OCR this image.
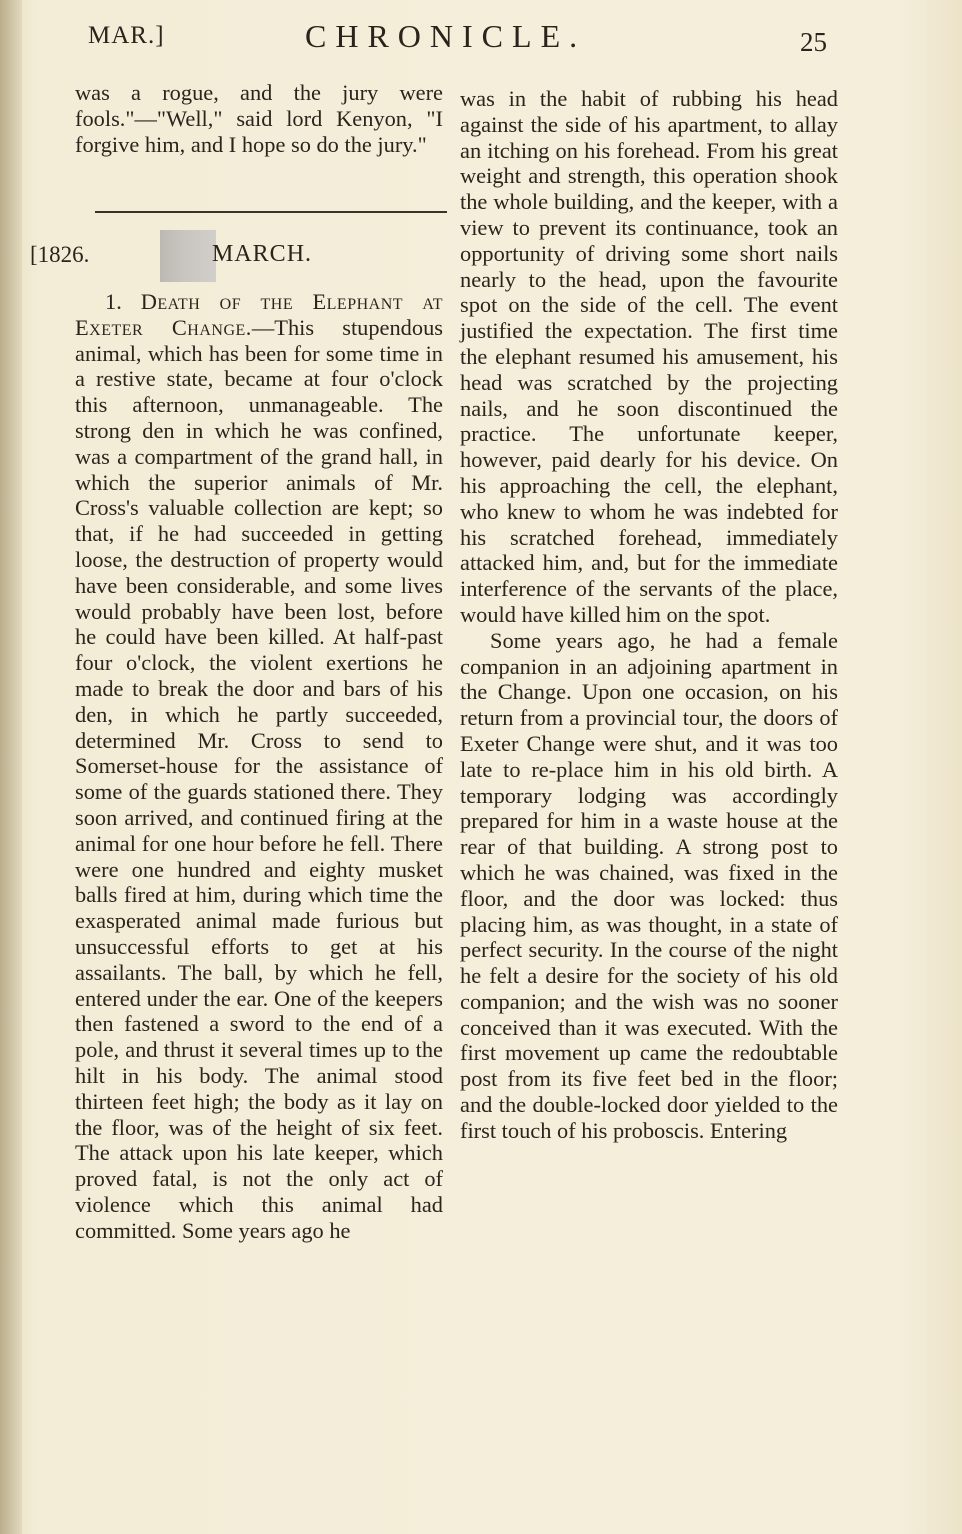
MAR.]	CHRONICLE.	25

was a rogue, and the jury were fools."—"Well," said lord Kenyon, "I forgive him, and I hope so do the jury."

[1826.	MARCH.

1. Death of the Elephant at Exeter Change.—This stupendous animal, which has been for some time in a restive state, became at four o'clock this afternoon, unmanageable. The strong den in which he was confined, was a compartment of the grand hall, in which the superior animals of Mr. Cross's valuable collection are kept; so that, if he had succeeded in getting loose, the destruction of property would have been considerable, and some lives would probably have been lost, before he could have been killed. At half-past four o'clock, the violent exertions he made to break the door and bars of his den, in which he partly succeeded, determined Mr. Cross to send to Somerset-house for the assistance of some of the guards stationed there. They soon arrived, and continued firing at the animal for one hour before he fell. There were one hundred and eighty musket balls fired at him, during which time the exasperated animal made furious but unsuccessful efforts to get at his assailants. The ball, by which he fell, entered under the ear. One of the keepers then fastened a sword to the end of a pole, and thrust it several times up to the hilt in his body. The animal stood thirteen feet high; the body as it lay on the floor, was of the height of six feet. The attack upon his late keeper, which proved fatal, is not the only act of violence which this animal had committed. Some years ago he

was in the habit of rubbing his head against the side of his apartment, to allay an itching on his forehead. From his great weight and strength, this operation shook the whole building, and the keeper, with a view to prevent its continuance, took an opportunity of driving some short nails nearly to the head, upon the favourite spot on the side of the cell. The event justified the expectation. The first time the elephant resumed his amusement, his head was scratched by the projecting nails, and he soon discontinued the practice. The unfortunate keeper, however, paid dearly for his device. On his approaching the cell, the elephant, who knew to whom he was indebted for his scratched forehead, immediately attacked him, and, but for the immediate interference of the servants of the place, would have killed him on the spot.

Some years ago, he had a female companion in an adjoining apartment in the Change. Upon one occasion, on his return from a provincial tour, the doors of Exeter Change were shut, and it was too late to re-place him in his old birth. A temporary lodging was accordingly prepared for him in a waste house at the rear of that building. A strong post to which he was chained, was fixed in the floor, and the door was locked: thus placing him, as was thought, in a state of perfect security. In the course of the night he felt a desire for the society of his old companion; and the wish was no sooner conceived than it was executed. With the first movement up came the redoubtable post from its five feet bed in the floor; and the double-locked door yielded to the first touch of his proboscis. Entering
